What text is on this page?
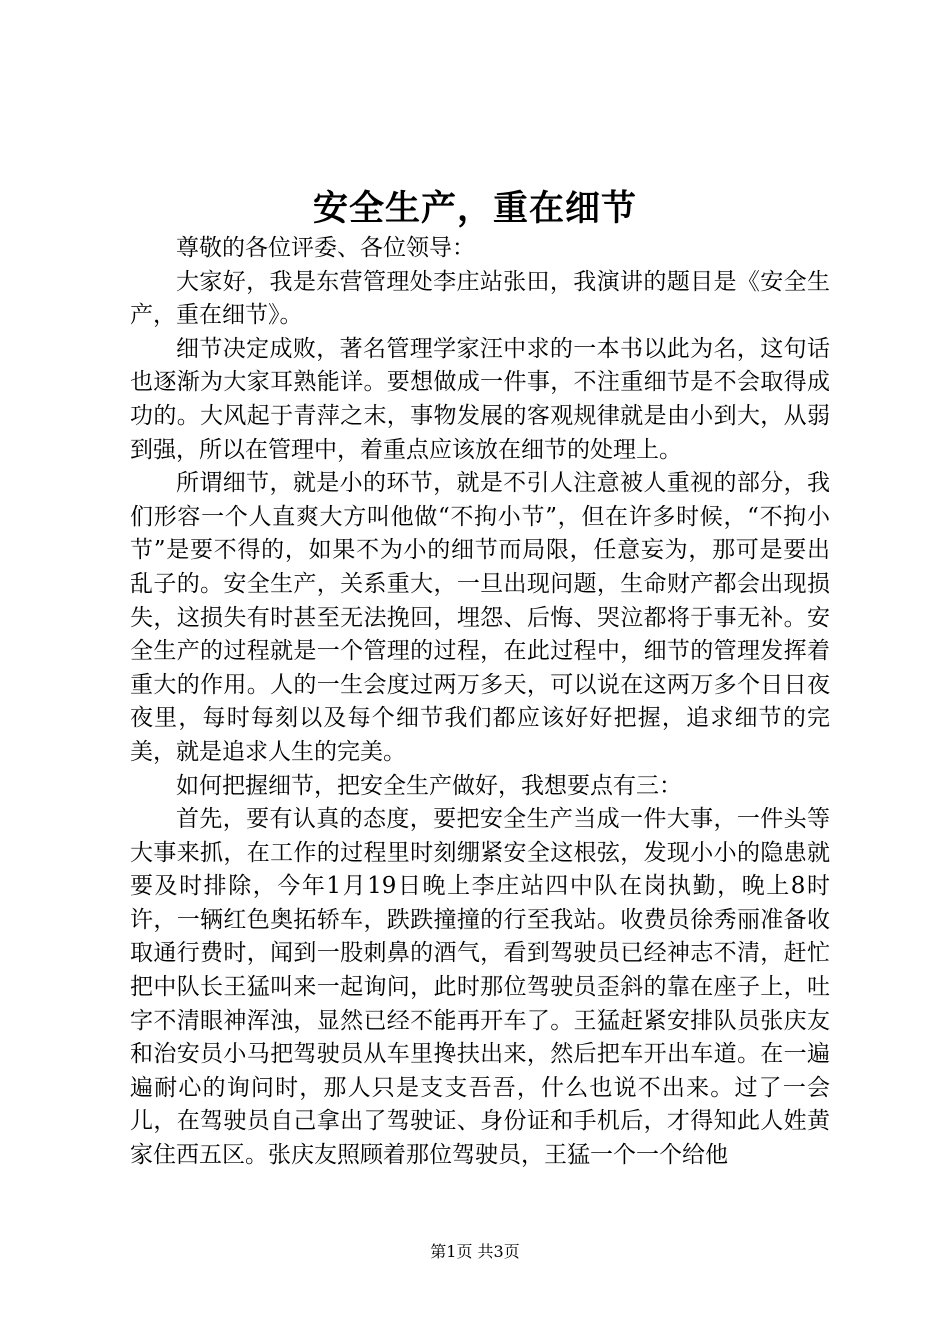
安全生产，重在细节

尊敬的各位评委、各位领导：

大家好，我是东营管理处李庄站张田，我演讲的题目是《安全生产，重在细节》。

细节决定成败，著名管理学家汪中求的一本书以此为名，这句话也逐渐为大家耳熟能详。要想做成一件事，不注重细节是不会取得成功的。大风起于青萍之末，事物发展的客观规律就是由小到大，从弱到强，所以在管理中，着重点应该放在细节的处理上。

所谓细节，就是小的环节，就是不引人注意被人重视的部分，我们形容一个人直爽大方叫他做“不拘小节”，但在许多时候，“不拘小节”是要不得的，如果不为小的细节而局限，任意妄为，那可是要出乱子的。安全生产，关系重大，一旦出现问题，生命财产都会出现损失，这损失有时甚至无法挽回，埋怨、后悔、哭泣都将于事无补。安全生产的过程就是一个管理的过程，在此过程中，细节的管理发挥着重大的作用。人的一生会度过两万多天，可以说在这两万多个日日夜夜里，每时每刻以及每个细节我们都应该好好把握，追求细节的完美，就是追求人生的完美。

如何把握细节，把安全生产做好，我想要点有三：

首先，要有认真的态度，要把安全生产当成一件大事，一件头等大事来抓，在工作的过程里时刻绷紧安全这根弦，发现小小的隐患就要及时排除，今年1月19日晚上李庄站四中队在岗执勤，晚上8时许，一辆红色奥拓轿车，跌跌撞撞的行至我站。收费员徐秀丽准备收取通行费时，闻到一股刺鼻的酒气，看到驾驶员已经神志不清，赶忙把中队长王猛叫来一起询问，此时那位驾驶员歪斜的靠在座子上，吐字不清眼神浑浊，显然已经不能再开车了。王猛赶紧安排队员张庆友和治安员小马把驾驶员从车里搀扶出来，然后把车开出车道。在一遍遍耐心的询问时，那人只是支支吾吾，什么也说不出来。过了一会儿，在驾驶员自己拿出了驾驶证、身份证和手机后，才得知此人姓黄家住西五区。张庆友照顾着那位驾驶员，王猛一个一个给他

第1页 共3页
